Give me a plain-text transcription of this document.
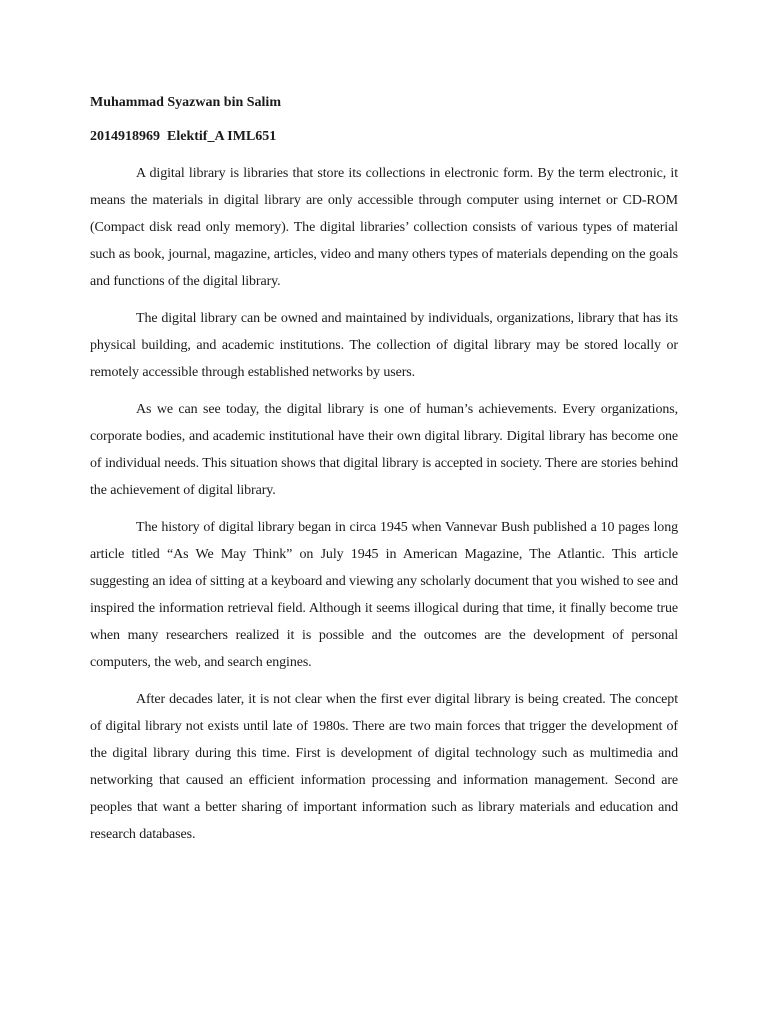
Muhammad Syazwan bin Salim

2014918969  Elektif_A IML651

A digital library is libraries that store its collections in electronic form. By the term electronic, it means the materials in digital library are only accessible through computer using internet or CD-ROM (Compact disk read only memory). The digital libraries’ collection consists of various types of material such as book, journal, magazine, articles, video and many others types of materials depending on the goals and functions of the digital library.

The digital library can be owned and maintained by individuals, organizations, library that has its physical building, and academic institutions. The collection of digital library may be stored locally or remotely accessible through established networks by users.

As we can see today, the digital library is one of human’s achievements. Every organizations, corporate bodies, and academic institutional have their own digital library. Digital library has become one of individual needs. This situation shows that digital library is accepted in society. There are stories behind the achievement of digital library.

The history of digital library began in circa 1945 when Vannevar Bush published a 10 pages long article titled “As We May Think” on July 1945 in American Magazine, The Atlantic. This article suggesting an idea of sitting at a keyboard and viewing any scholarly document that you wished to see and inspired the information retrieval field. Although it seems illogical during that time, it finally become true when many researchers realized it is possible and the outcomes are the development of personal computers, the web, and search engines.

After decades later, it is not clear when the first ever digital library is being created. The concept of digital library not exists until late of 1980s. There are two main forces that trigger the development of the digital library during this time. First is development of digital technology such as multimedia and networking that caused an efficient information processing and information management. Second are peoples that want a better sharing of important information such as library materials and education and research databases.
